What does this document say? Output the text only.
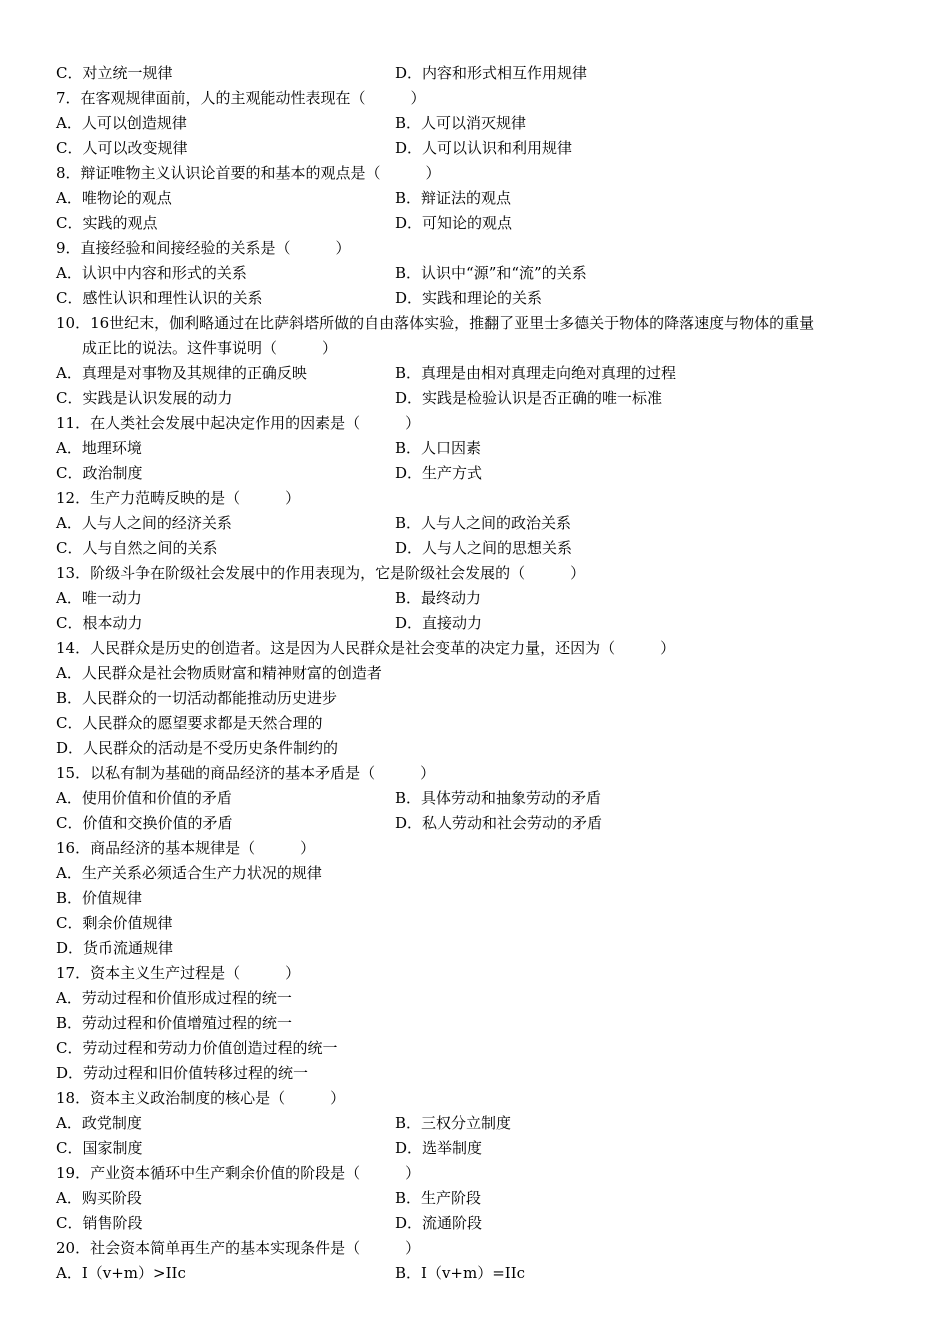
C．对立统一规律	D．内容和形式相互作用规律
7．在客观规律面前，人的主观能动性表现在（　　　）
A．人可以创造规律	B．人可以消灭规律
C．人可以改变规律	D．人可以认识和利用规律
8．辩证唯物主义认识论首要的和基本的观点是（　　　）
A．唯物论的观点	B．辩证法的观点
C．实践的观点	D．可知论的观点
9．直接经验和间接经验的关系是（　　　）
A．认识中内容和形式的关系	B．认识中“源”和“流”的关系
C．感性认识和理性认识的关系	D．实践和理论的关系
10．16世纪末，伽利略通过在比萨斜塔所做的自由落体实验，推翻了亚里士多德关于物体的降落速度与物体的重量
成正比的说法。这件事说明（　　　）
A．真理是对事物及其规律的正确反映	B．真理是由相对真理走向绝对真理的过程
C．实践是认识发展的动力	D．实践是检验认识是否正确的唯一标准
11．在人类社会发展中起决定作用的因素是（　　　）
A．地理环境	B．人口因素
C．政治制度	D．生产方式
12．生产力范畴反映的是（　　　）
A．人与人之间的经济关系	B．人与人之间的政治关系
C．人与自然之间的关系	D．人与人之间的思想关系
13．阶级斗争在阶级社会发展中的作用表现为，它是阶级社会发展的（　　　）
A．唯一动力	B．最终动力
C．根本动力	D．直接动力
14．人民群众是历史的创造者。这是因为人民群众是社会变革的决定力量，还因为（　　　）
A．人民群众是社会物质财富和精神财富的创造者
B．人民群众的一切活动都能推动历史进步
C．人民群众的愿望要求都是天然合理的
D．人民群众的活动是不受历史条件制约的
15．以私有制为基础的商品经济的基本矛盾是（　　　）
A．使用价值和价值的矛盾	B．具体劳动和抽象劳动的矛盾
C．价值和交换价值的矛盾	D．私人劳动和社会劳动的矛盾
16．商品经济的基本规律是（　　　）
A．生产关系必须适合生产力状况的规律
B．价值规律
C．剩余价值规律
D．货币流通规律
17．资本主义生产过程是（　　　）
A．劳动过程和价值形成过程的统一
B．劳动过程和价值增殖过程的统一
C．劳动过程和劳动力价值创造过程的统一
D．劳动过程和旧价值转移过程的统一
18．资本主义政治制度的核心是（　　　）
A．政党制度	B．三权分立制度
C．国家制度	D．选举制度
19．产业资本循环中生产剩余价值的阶段是（　　　）
A．购买阶段	B．生产阶段
C．销售阶段	D．流通阶段
20．社会资本简单再生产的基本实现条件是（　　　）
A．I（v+m）>IIc	B．I（v+m）=IIc
